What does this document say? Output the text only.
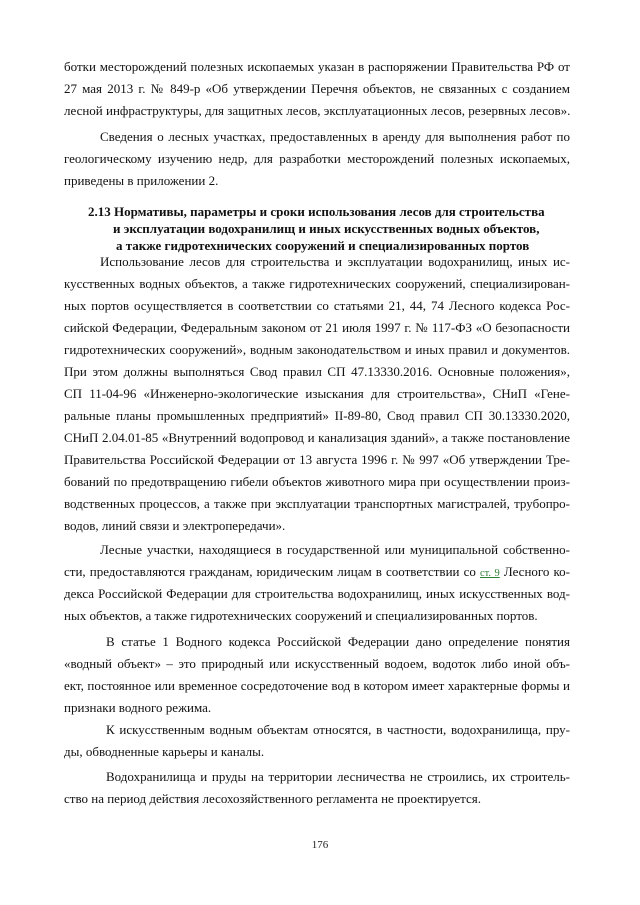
ботки месторождений полезных ископаемых указан в распоряжении Правительства РФ от
27 мая 2013 г. № 849-р «Об утверждении Перечня объектов, не связанных с созданием
лесной инфраструктуры, для защитных лесов, эксплуатационных лесов, резервных лесов».
Сведения о лесных участках, предоставленных в аренду для выполнения работ по
геологическому изучению недр, для разработки месторождений полезных ископаемых,
приведены в приложении 2.
2.13 Нормативы, параметры и сроки использования лесов для строительства
и эксплуатации водохранилищ и иных искусственных водных объектов,
а также гидротехнических сооружений и специализированных портов
Использование лесов для строительства и эксплуатации водохранилищ, иных ис-
кусственных водных объектов, а также гидротехнических сооружений, специализирован-
ных портов осуществляется в соответствии со статьями 21, 44, 74 Лесного кодекса Рос-
сийской Федерации, Федеральным законом от 21 июля 1997 г. № 117-ФЗ «О безопасности
гидротехнических сооружений», водным законодательством и иных правил и документов.
При этом должны выполняться Свод правил СП 47.13330.2016. Основные положения»,
СП 11-04-96 «Инженерно-экологические изыскания для строительства», СНиП «Гене-
ральные планы промышленных предприятий» II-89-80, Свод правил СП 30.13330.2020,
СНиП 2.04.01-85 «Внутренний водопровод и канализация зданий», а также постановление
Правительства Российской Федерации от 13 августа 1996 г. № 997 «Об утверждении Тре-
бований по предотвращению гибели объектов животного мира при осуществлении произ-
водственных процессов, а также при эксплуатации транспортных магистралей, трубопро-
водов, линий связи и электропередачи».
Лесные участки, находящиеся в государственной или муниципальной собственно-
сти, предоставляются гражданам, юридическим лицам в соответствии со ст. 9 Лесного ко-
декса Российской Федерации для строительства водохранилищ, иных искусственных вод-
ных объектов, а также гидротехнических сооружений и специализированных портов.
В статье 1 Водного кодекса Российской Федерации дано определение понятия
«водный объект» – это природный или искусственный водоем, водоток либо иной объ-
ект, постоянное или временное сосредоточение вод в котором имеет характерные формы и
признаки водного режима.
К искусственным водным объектам относятся, в частности, водохранилища, пру-
ды, обводненные карьеры и каналы.
Водохранилища и пруды на территории лесничества не строились, их строитель-
ство на период действия лесохозяйственного регламента не проектируется.
176
